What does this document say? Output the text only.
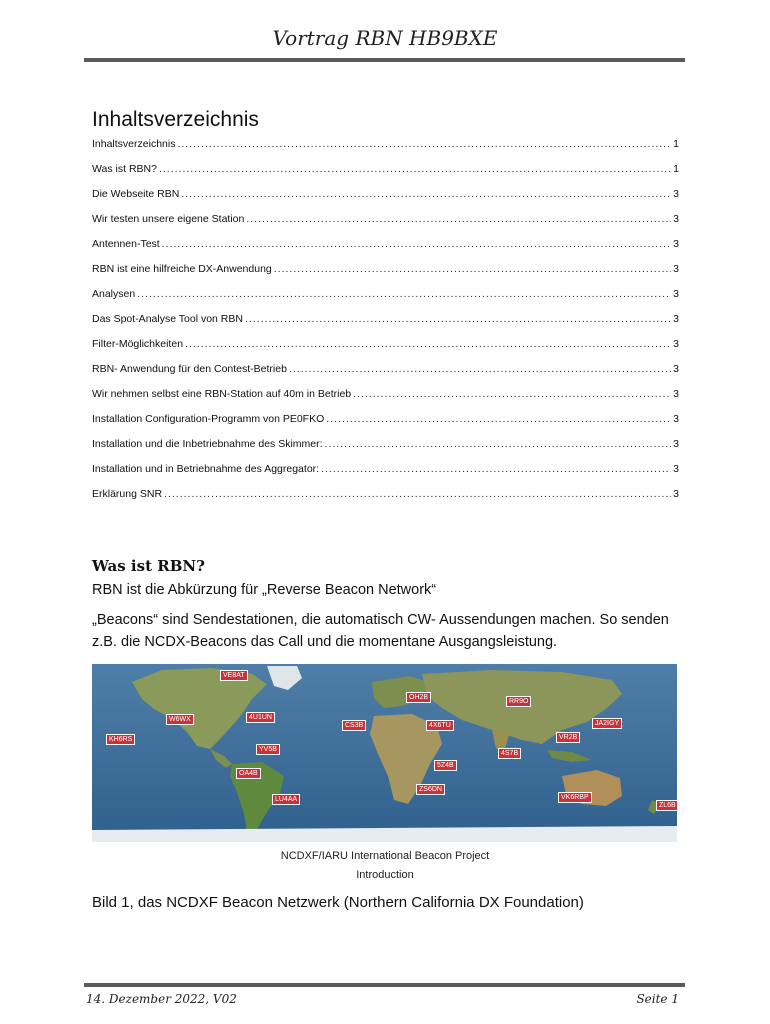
Vortrag RBN HB9BXE
Inhaltsverzeichnis
Inhaltsverzeichnis .....	1
Was ist RBN? .....	1
Die Webseite RBN .....	3
Wir testen unsere eigene Station .....	3
Antennen-Test .....	3
RBN ist eine hilfreiche DX-Anwendung .....	3
Analysen .....	3
Das Spot-Analyse Tool von RBN .....	3
Filter-Möglichkeiten .....	3
RBN- Anwendung für den Contest-Betrieb .....	3
Wir nehmen selbst eine RBN-Station auf 40m in Betrieb .....	3
Installation Configuration-Programm von PE0FKO .....	3
Installation und die Inbetriebnahme des Skimmer: .....	3
Installation und in Betriebnahme des Aggregator: .....	3
Erklärung SNR .....	3
Was ist RBN?
RBN ist die Abkürzung für „Reverse Beacon Network“
„Beacons“ sind Sendestationen, die automatisch CW- Aussendungen machen. So senden z.B. die NCDX-Beacons das Call und die momentane Ausgangsleistung.
VE8AT
W6WX
KH6RS
4U1UN
YV5B
OA4B
LU4AA
CS3B
OH2B
4X6TU
RR9O
JA2IGY
VR2B
4S7B
5Z4B
ZS6DN
VK6RBP
ZL6B
NCDXF/IARU International Beacon Project
Introduction
Bild 1, das NCDXF Beacon Netzwerk (Northern California DX Foundation)
14. Dezember 2022, V02	Seite 1
